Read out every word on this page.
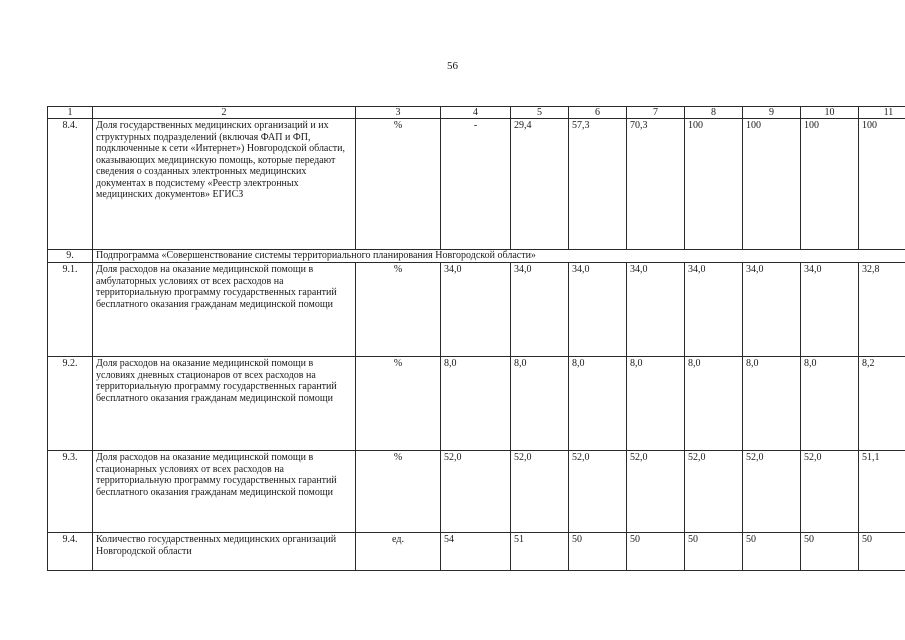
56
1	2	3	4	5	6	7	8	9	10	11
8.4.	Доля государственных медицинских организаций и их структурных подразделений (включая ФАП и ФП, подключенные к сети «Интернет») Новгородской области, оказывающих медицинскую помощь, которые передают сведения о созданных электронных медицинских документах в подсистему «Реестр электронных медицинских документов» ЕГИСЗ	%	-	29,4	57,3	70,3	100	100	100	100
9.	Подпрограмма «Совершенствование системы территориального планирования Новгородской области»									
9.1.	Доля расходов на оказание медицинской помощи в амбулаторных условиях от всех расходов на территориальную программу государственных гарантий бесплатного оказания гражданам медицинской помощи	%	34,0	34,0	34,0	34,0	34,0	34,0	34,0	32,8
9.2.	Доля расходов на оказание медицинской помощи в условиях дневных стационаров от всех расходов на территориальную программу государственных гарантий бесплатного оказания гражданам медицинской помощи	%	8,0	8,0	8,0	8,0	8,0	8,0	8,0	8,2
9.3.	Доля расходов на оказание медицинской помощи в стационарных условиях от всех расходов на территориальную программу государственных гарантий бесплатного оказания гражданам медицинской помощи	%	52,0	52,0	52,0	52,0	52,0	52,0	52,0	51,1
9.4.	Количество государственных медицинских организаций Новгородской области	ед.	54	51	50	50	50	50	50	50
